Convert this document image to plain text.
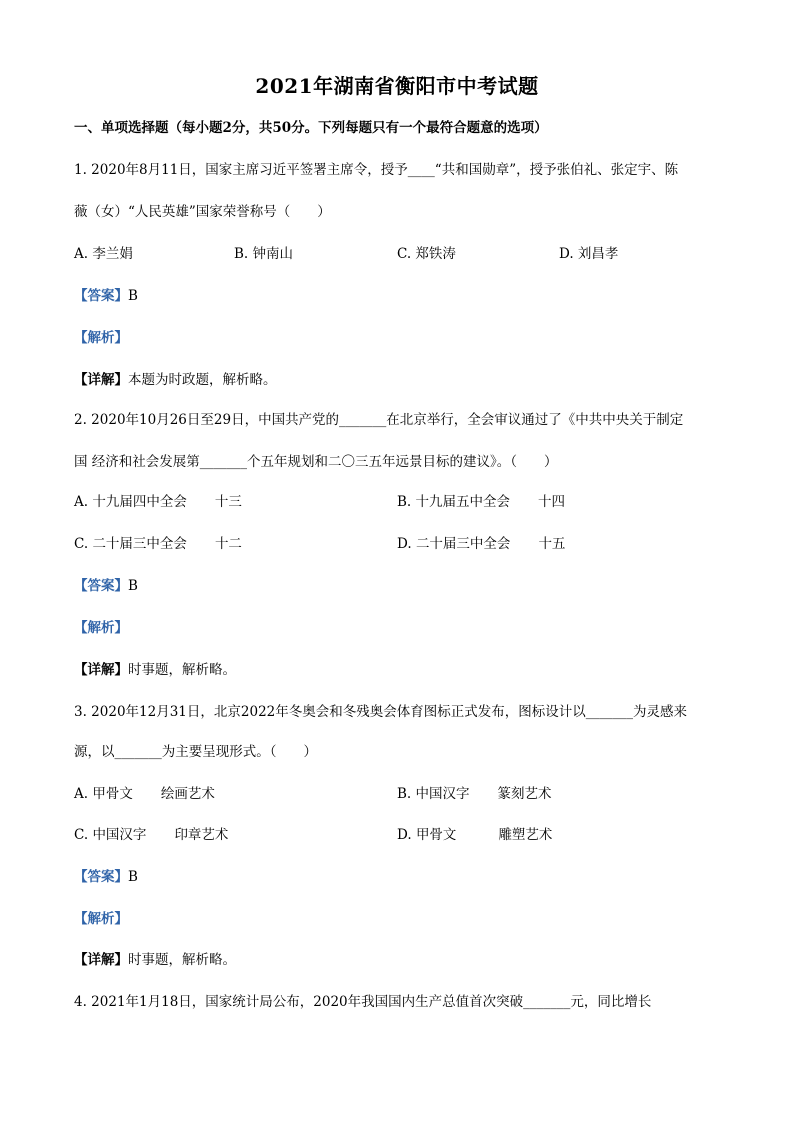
2021年湖南省衡阳市中考试题
一、单项选择题（每小题2分，共50分。下列每题只有一个最符合题意的选项）
1. 2020年8月11日，国家主席习近平签署主席令，授予____“共和国勋章”，授予张伯礼、张定宇、陈
薇（女）“人民英雄”国家荣誉称号（　　）
A. 李兰娟	B. 钟南山	C. 郑铁涛	D. 刘昌孝
【答案】B
【解析】
【详解】本题为时政题，解析略。
2. 2020年10月26日至29日，中国共产党的_______在北京举行，全会审议通过了《中共中央关于制定
国 经济和社会发展第_______个五年规划和二〇三五年远景目标的建议》。（　　）
A. 十九届四中全会 十三	B. 十九届五中全会 十四
C. 二十届三中全会 十二	D. 二十届三中全会 十五
【答案】B
【解析】
【详解】时事题，解析略。
3. 2020年12月31日，北京2022年冬奥会和冬残奥会体育图标正式发布，图标设计以_______为灵感来
源，以_______为主要呈现形式。（　　）
A. 甲骨文 绘画艺术	B. 中国汉字 篆刻艺术
C. 中国汉字 印章艺术	D. 甲骨文	雕塑艺术
【答案】B
【解析】
【详解】时事题，解析略。
4. 2021年1月18日，国家统计局公布，2020年我国国内生产总值首次突破_______元，同比增长
